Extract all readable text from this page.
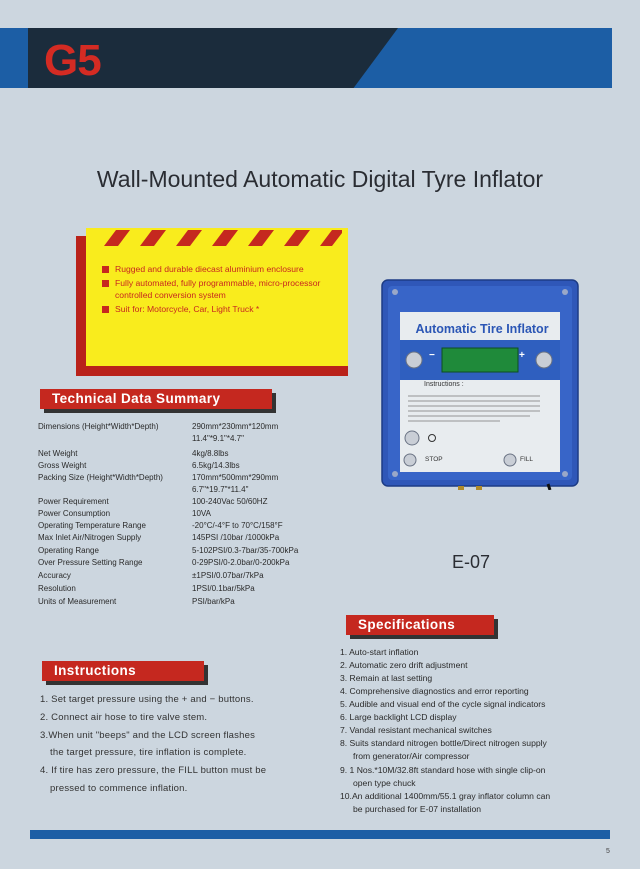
G5
Wall-Mounted Automatic Digital Tyre Inflator
Rugged and durable diecast aluminium enclosure
Fully automated, fully programmable, micro-processor
controlled conversion system
Suit for: Motorcycle, Car, Light Truck *
Technical Data Summary
Dimensions (Height*Width*Depth)	290mm*230mm*120mm
11.4"*9.1"*4.7"
Net Weight	4kg/8.8lbs
Gross Weight	6.5kg/14.3lbs
Packing Size (Height*Width*Depth)	170mm*500mm*290mm
6.7"*19.7"*11.4"
Power Requirement	100-240Vac 50/60HZ
Power Consumption	10VA
Operating Temperature Range	-20°C/-4°F to 70°C/158°F
Max Inlet Air/Nitrogen Supply	145PSI /10bar /1000kPa
Operating Range	5-102PSI/0.3-7bar/35-700kPa
Over Pressure Setting Range	0-29PSI/0-2.0bar/0-200kPa
Accuracy	±1PSI/0.07bar/7kPa
Resolution	1PSI/0.1bar/5kPa
Units of Measurement	PSI/bar/kPa
Automatic Tire Inflator
−	+
Instructions :
STOP	FILL
E-07
Specifications
1. Auto-start inflation
2. Automatic zero drift adjustment
3. Remain at last setting
4. Comprehensive diagnostics and error reporting
5. Audible and visual end of the cycle signal indicators
6. Large backlight LCD display
7. Vandal resistant mechanical switches
8. Suits standard nitrogen bottle/Direct nitrogen supply
from generator/Air compressor
9. 1 Nos.*10M/32.8ft standard hose with single clip-on
open type chuck
10.An additional 1400mm/55.1 gray inflator column can
be purchased for E-07 installation
Instructions
1. Set target pressure using the + and − buttons.
2. Connect air hose to tire valve stem.
3.When unit "beeps" and the LCD screen flashes
the target pressure, tire inflation is complete.
4. If tire has zero pressure, the FILL button must be
pressed to commence inflation.
5
